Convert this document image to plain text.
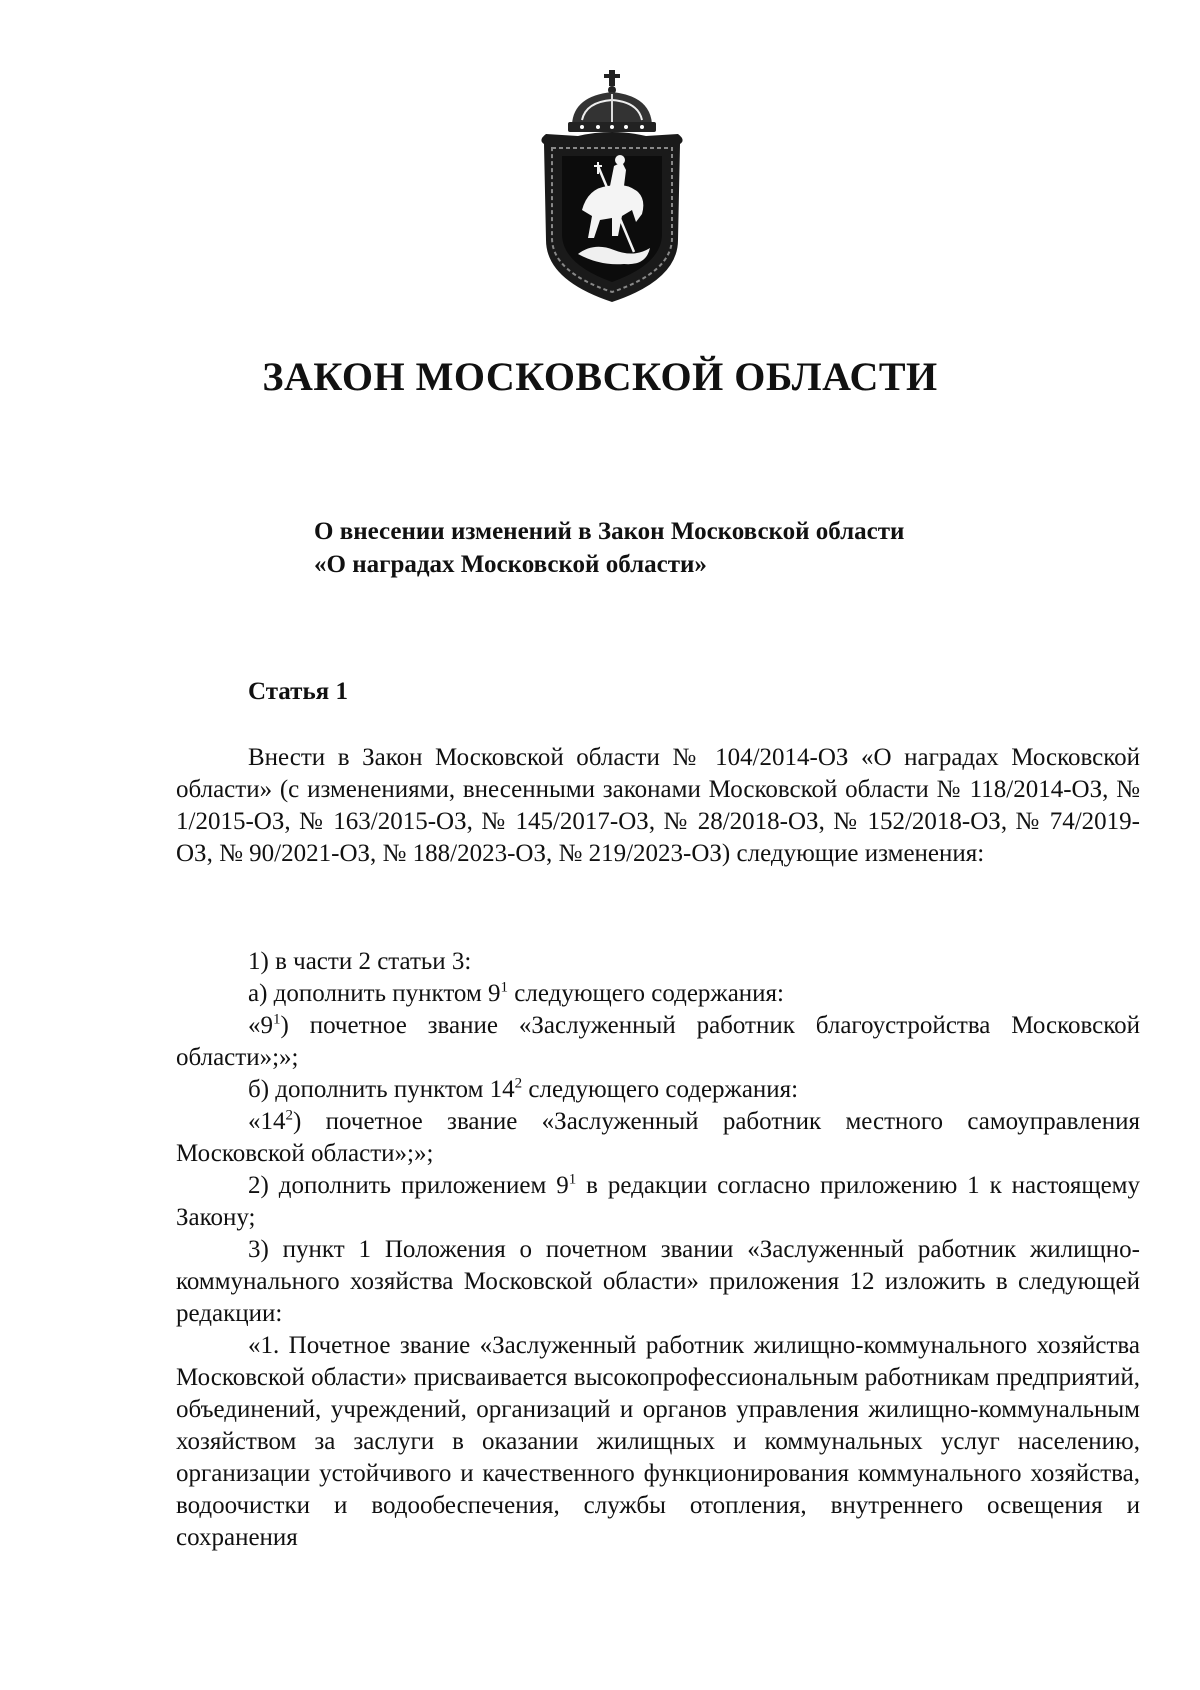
ЗАКОН МОСКОВСКОЙ ОБЛАСТИ
О внесении изменений в Закон Московской области
«О наградах Московской области»
Статья 1

Внести в Закон Московской области № 104/2014-ОЗ «О наградах Московской области» (с изменениями, внесенными законами Московской области № 118/2014-ОЗ, № 1/2015-ОЗ, № 163/2015-ОЗ, № 145/2017-ОЗ, № 28/2018-ОЗ, № 152/2018-ОЗ, № 74/2019-ОЗ, № 90/2021-ОЗ, № 188/2023-ОЗ, № 219/2023-ОЗ) следующие изменения:

1) в части 2 статьи 3:

а) дополнить пунктом $9^1$ следующего содержания:

«$9^1$) почетное звание «Заслуженный работник благоустройства Московской области»;»;

б) дополнить пунктом $14^2$ следующего содержания:

«$14^2$) почетное звание «Заслуженный работник местного самоуправления Московской области»;»;

2) дополнить приложением $9^1$ в редакции согласно приложению 1 к настоящему Закону;

3) пункт 1 Положения о почетном звании «Заслуженный работник жилищно-коммунального хозяйства Московской области» приложения 12 изложить в следующей редакции:

«1. Почетное звание «Заслуженный работник жилищно-коммунального хозяйства Московской области» присваивается высокопрофессиональным работникам предприятий, объединений, учреждений, организаций и органов управления жилищно-коммунальным хозяйством за заслуги в оказании жилищных и коммунальных услуг населению, организации устойчивого и качественного функционирования коммунального хозяйства, водоочистки и водообеспечения, службы отопления, внутреннего освещения и сохранения
